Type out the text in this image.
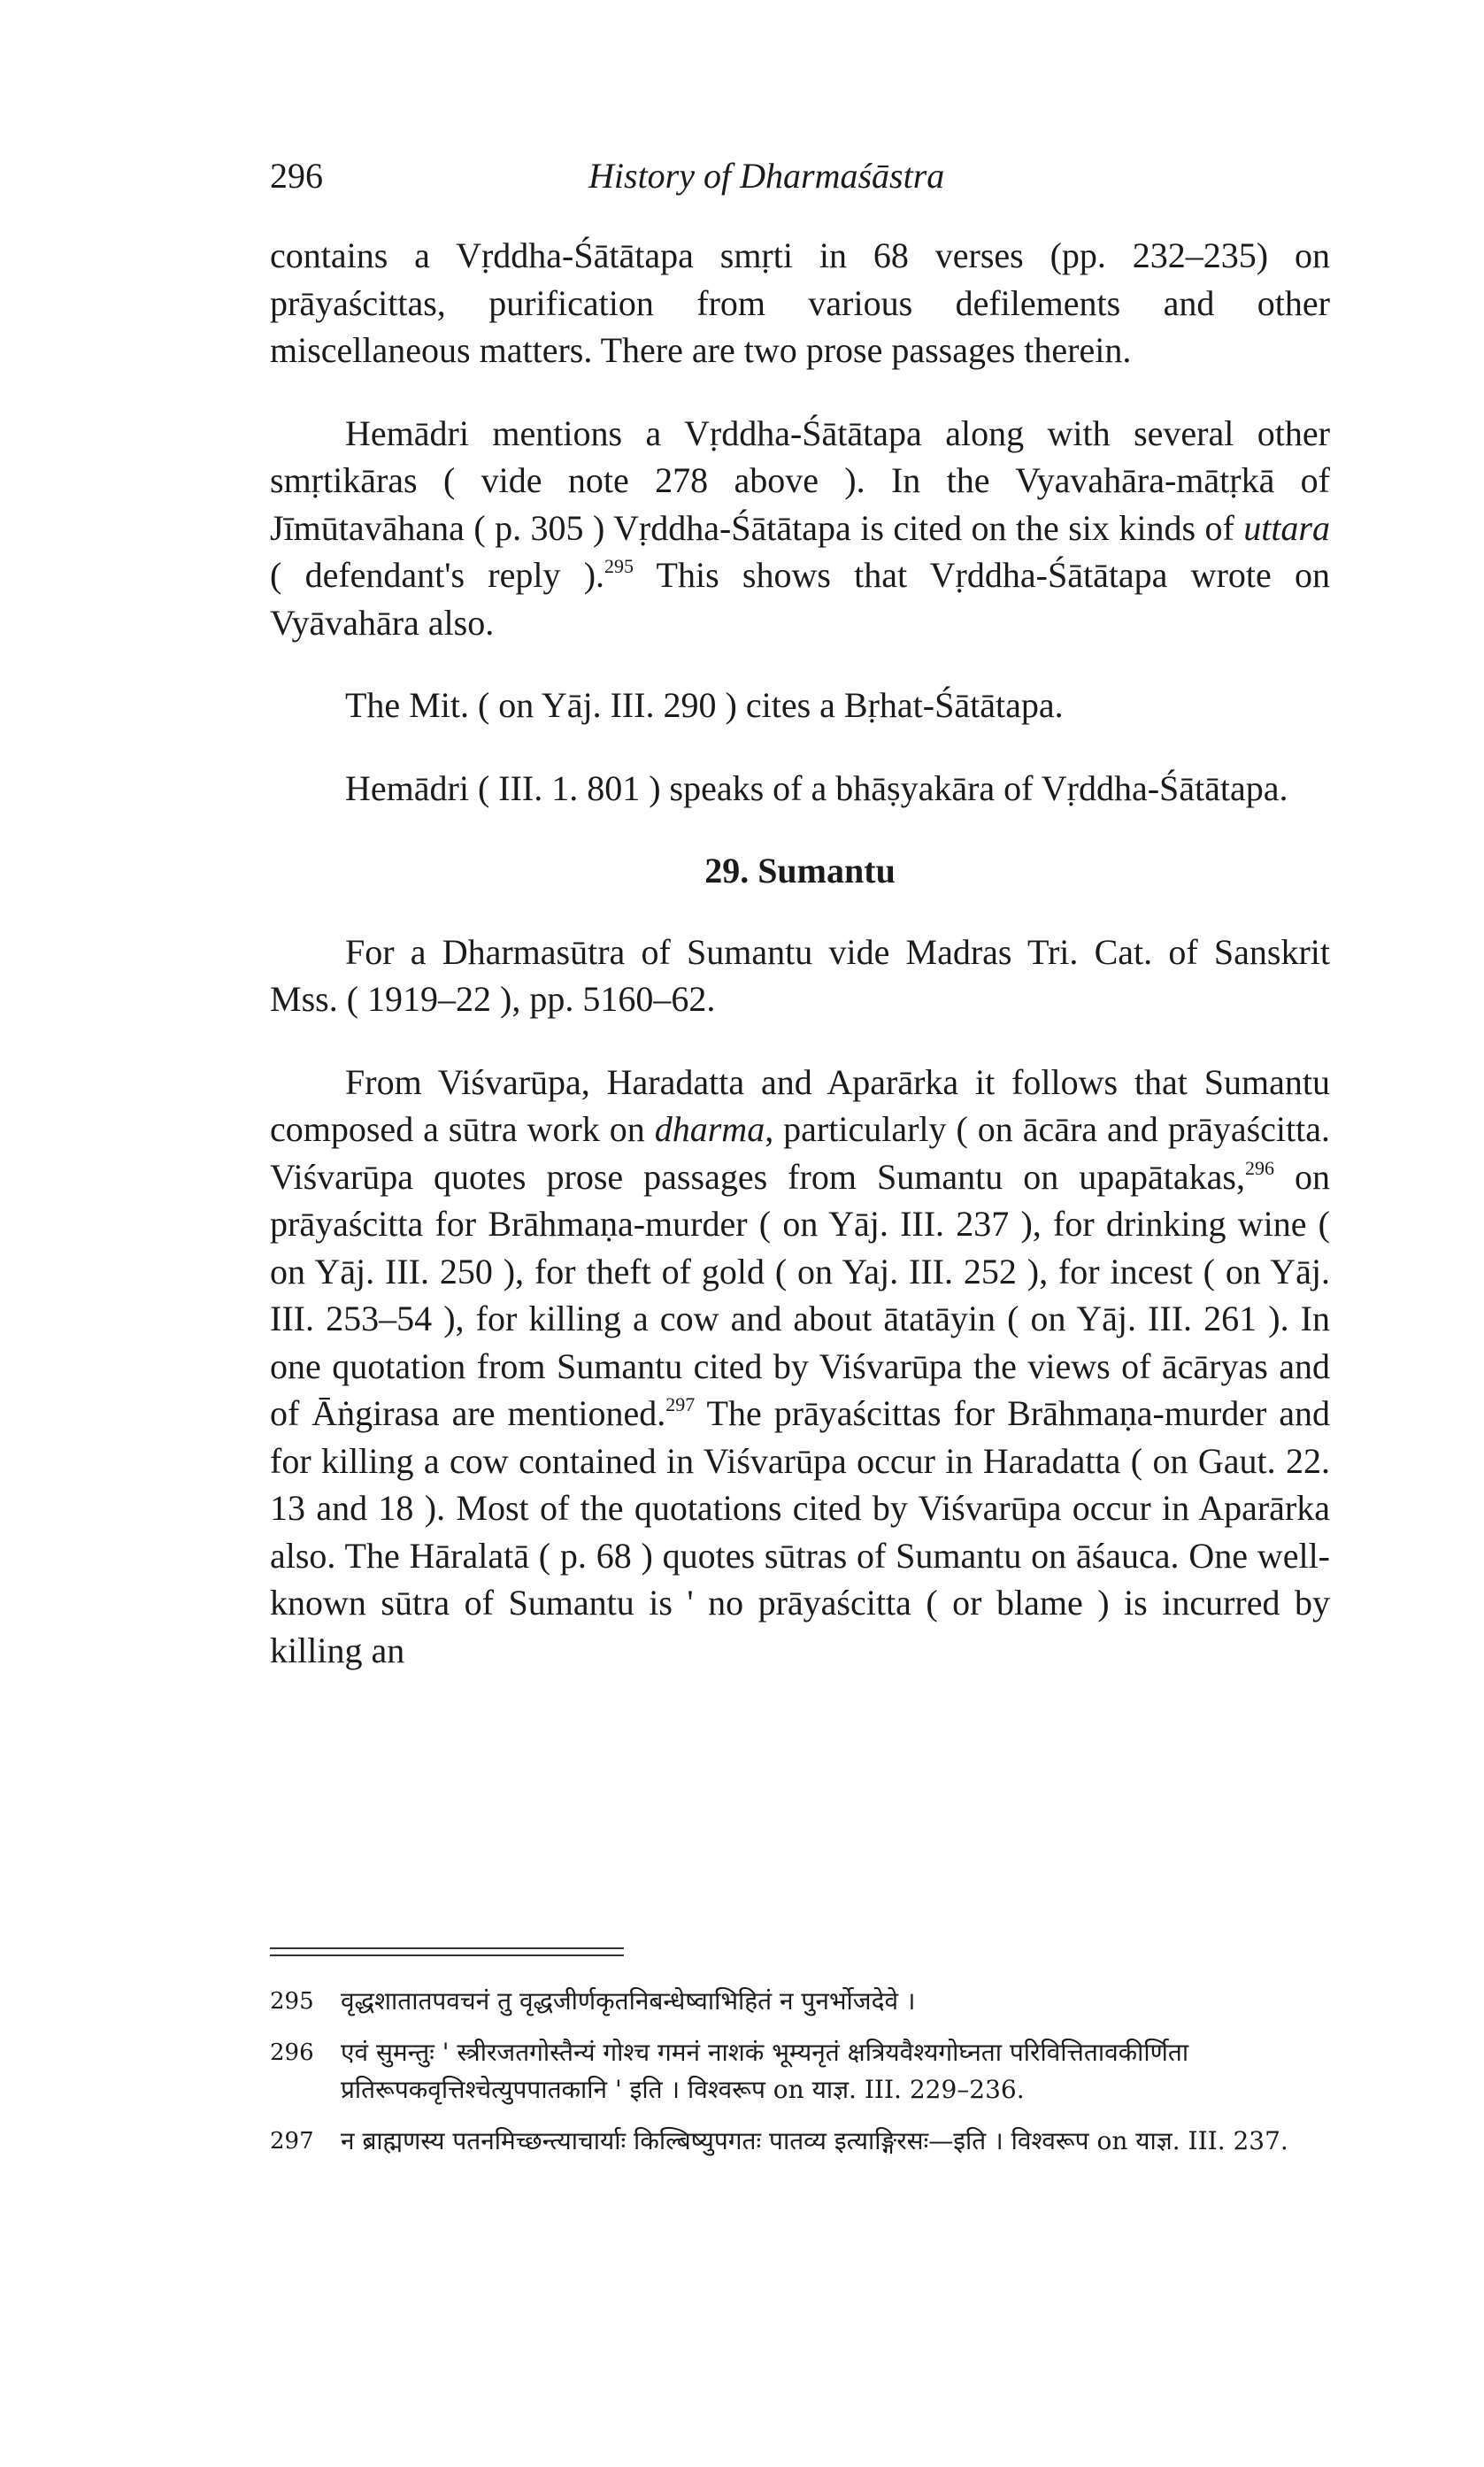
296	History of Dharmaśāstra

contains a Vṛddha-Śātātapa smṛti in 68 verses (pp. 232–235) on prāyaścittas, purification from various defilements and other miscellaneous matters. There are two prose passages therein.

Hemādri mentions a Vṛddha-Śātātapa along with several other smṛtikāras ( vide note 278 above ). In the Vyavahāra-mātṛkā of Jīmūtavāhana ( p. 305 ) Vṛddha-Śātātapa is cited on the six kinds of uttara ( defendant's reply ).$^{295}$ This shows that Vṛddha-Śātātapa wrote on Vyāvahāra also.

The Mit. ( on Yāj. III. 290 ) cites a Bṛhat-Śātātapa.

Hemādri ( III. 1. 801 ) speaks of a bhāṣyakāra of Vṛddha-Śātātapa.

29. Sumantu

For a Dharmasūtra of Sumantu vide Madras Tri. Cat. of Sanskrit Mss. ( 1919–22 ), pp. 5160–62.

From Viśvarūpa, Haradatta and Aparārka it follows that Sumantu composed a sūtra work on dharma, particularly ( on ācāra and prāyaścitta. Viśvarūpa quotes prose passages from Sumantu on upapātakas,$^{296}$ on prāyaścitta for Brāhmaṇa-murder ( on Yāj. III. 237 ), for drinking wine ( on Yāj. III. 250 ), for theft of gold ( on Yaj. III. 252 ), for incest ( on Yāj. III. 253–54 ), for killing a cow and about ātatāyin ( on Yāj. III. 261 ). In one quotation from Sumantu cited by Viśvarūpa the views of ācāryas and of Āṅgirasa are mentioned.$^{297}$ The prāyaścittas for Brāhmaṇa-murder and for killing a cow contained in Viśvarūpa occur in Haradatta ( on Gaut. 22. 13 and 18 ). Most of the quotations cited by Viśvarūpa occur in Aparārka also. The Hāralatā ( p. 68 ) quotes sūtras of Sumantu on āśauca. One well-known sūtra of Sumantu is ' no prāyaścitta ( or blame ) is incurred by killing an

295	वृद्धशातातपवचनं तु वृद्धजीर्णकृतनिबन्धेष्वाभिहितं न पुनर्भोजदेवे ।
296	एवं सुमन्तुः ' स्त्रीरजतगोस्तैन्यं गोश्च गमनं नाशकं भूम्यनृतं क्षत्रियवैश्यगोघ्नता परिवित्तितावकीर्णिता प्रतिरूपकवृत्तिश्चेत्युपपातकानि ' इति । विश्वरूप on याज्ञ. III. 229–236.
297	न ब्राह्मणस्य पतनमिच्छन्त्याचार्याः किल्बिष्युपगतः पातव्य इत्याङ्गिरसः—इति । विश्वरूप on याज्ञ. III. 237.
